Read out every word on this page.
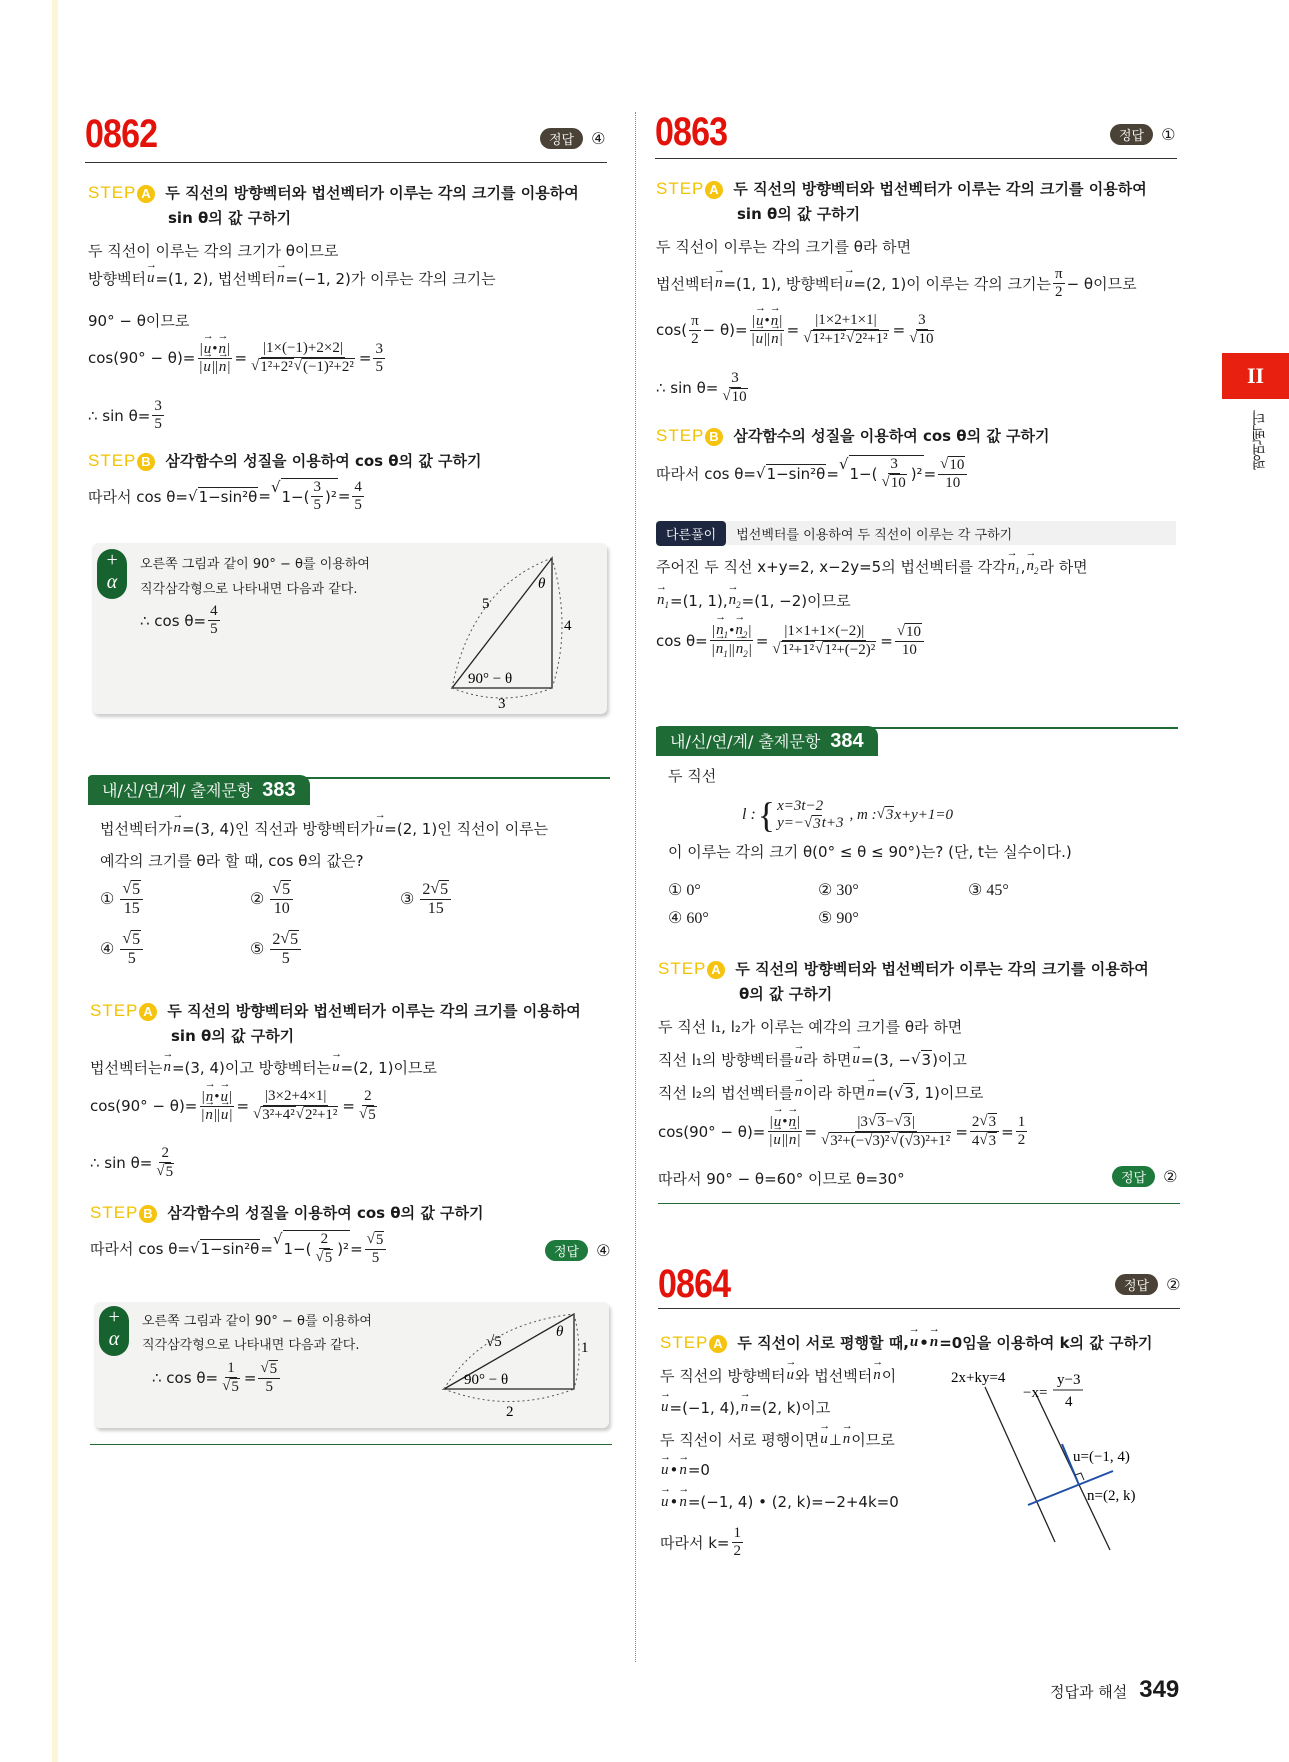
0862	정답	④
STEP A 두 직선의 방향벡터와 법선벡터가 이루는 각의 크기를 이용하여
sin θ의 값 구하기
두 직선이 이루는 각의 크기가 θ이므로
방향벡터 → u =(1, 2), 법선벡터 → n =(−1, 2)가 이루는 각의 크기는
90° − θ이므로
$\cos(90^\circ - \theta)= \frac{| \to u • \to n |}{| \to u || \to n |} = \frac{|1\times(-1)+2\times 2|}{\text{√ 1²+2² √ (−1)²+2²}} = \frac{3}{5}$
∴ $\sin \theta= \frac{3}{5}$
STEP B 삼각함수의 성질을 이용하여 cos θ의 값 구하기
따라서 cos θ= √ 1−sin²θ =
√
$1-( \frac{3}{5} )^2 = \frac{4}{5}$
+
α
오른쪽 그림과 같이 90° − θ를 이용하여
직각삼각형으로 나타내면 다음과 같다.
∴ $\cos \theta= \frac{4}{5}$	5
4
3
θ
90° − θ
내/신/연/계/ 출제문항 383
법선벡터가 → n =(3, 4)인 직선과 방향벡터가 → u =(2, 1)인 직선이 이루는
예각의 크기를 θ라 할 때, cos θ의 값은?
① $\frac{√ 5}{15}$	② $\frac{√ 5}{10}$	③ $\frac{2 √ 5}{15}$
④ $\frac{√ 5}{5}$	⑤ $\frac{2 √ 5}{5}$
STEP A 두 직선의 방향벡터와 법선벡터가 이루는 각의 크기를 이용하여
sin θ의 값 구하기
법선벡터는 → n =(3, 4)이고 방향벡터는 → u =(2, 1)이므로
$\cos(90^\circ - \theta)= \frac{| \to n • \to u |}{| \to n || \to u |} = \frac{|3\times 2+4\times 1|}{\text{√ 3²+4² √ 2²+1²}} = \frac{2}{√ 5}$
∴ $\sin \theta= \frac{2}{√ 5}$
STEP B 삼각함수의 성질을 이용하여 cos θ의 값 구하기
따라서 cos θ= √ 1−sin²θ =
√
$1-( \frac{2}{√ 5} )^2 = \frac{√ 5}{5}$	정답	④
+
α
오른쪽 그림과 같이 90° − θ를 이용하여
직각삼각형으로 나타내면 다음과 같다.
∴ $\cos \theta= \frac{1}{√ 5} = \frac{√ 5}{5}$
√5	1
2
θ
90° − θ
0863	정답	①
STEP A 두 직선의 방향벡터와 법선벡터가 이루는 각의 크기를 이용하여
sin θ의 값 구하기
두 직선이 이루는 각의 크기를 θ라 하면
법선벡터 → n =(1, 1), 방향벡터 → u =(2, 1)이 이루는 각의 크기는 $\frac{\pi}{2} - \theta$이므로
$\cos( \frac{\pi}{2} - \theta)= \frac{| \to u • \to n |}{| \to u || \to n |} = \frac{|1\times 2+1\times 1|}{\text{√ 1²+1² √ 2²+1²}} = \frac{3}{√ 10}$
∴ $\sin \theta= \frac{3}{√ 10}$
STEP B 삼각함수의 성질을 이용하여 cos θ의 값 구하기
따라서 cos θ= √ 1−sin²θ =
√
$1-( \frac{3}{√ 10} )^2 = \frac{√ 10}{10}$
다른풀이	법선벡터를 이용하여 두 직선이 이루는 각 구하기
주어진 두 직선 x+y=2, x−2y=5의 법선벡터를 각각 → $n_1$ , → $n_2$ 라 하면
→ $n_1 =(1$, 1), → $n_2 =(1$, −2)이므로
$\cos \theta= \frac{| \to n_1 • \to n_2 |}{| \to n_1 || \to n_2 |} = \frac{|1\times 1+1\times(-2)|}{\text{√ 1²+1² √ 1²+(−2)²}} = \frac{√ 10}{10}$
내/신/연/계/ 출제문항 384
두 직선
l : { x=3t−2
y=− √ 3 t+3
, m : √ 3 x+y+1=0
이 이루는 각의 크기 θ(0° ≤ θ ≤ 90°)는? (단, t는 실수이다.)
① 0°	② 30°	③ 45°
④ 60°	⑤ 90°
STEP A 두 직선의 방향벡터와 법선벡터가 이루는 각의 크기를 이용하여
θ의 값 구하기
두 직선 l₁, l₂가 이루는 예각의 크기를 θ라 하면
직선 l₁의 방향벡터를 → u 라 하면 → u =(3, − √ 3 )이고
직선 l₂의 법선벡터를 → n 이라 하면 → n =( √ 3 , 1)이므로
$\cos(90^\circ - \theta)= \frac{| \to u • \to n |}{| \to u || \to n |} = \frac{|3 √ 3 - √ 3 |}{\text{√ 3²+(−√3)² √ (√3)²+1²}} = \frac{2 √ 3}{4 √ 3} = \frac{1}{2}$
따라서 90° − θ=60° 이므로 θ=30°	정답	②
0864	정답	②
STEP A 두 직선이 서로 평행할 때, → u • → n =0임을 이용하여 k의 값 구하기
두 직선의 방향벡터 → u 와 법선벡터 → n 이
→ u =(−1, 4), → n =(2, k)이고
두 직선이 서로 평행이면 → u ⊥ → n 이므로
→ u • → n =0
→ u • → n =(−1, 4) • (2, k)=−2+4k=0
따라서 $k= \frac{1}{2}$
2x+ky=4
−x=
y−3
4
u=(−1, 4)
n=(2, k)
II
평면벡터
정답과 해설 349
